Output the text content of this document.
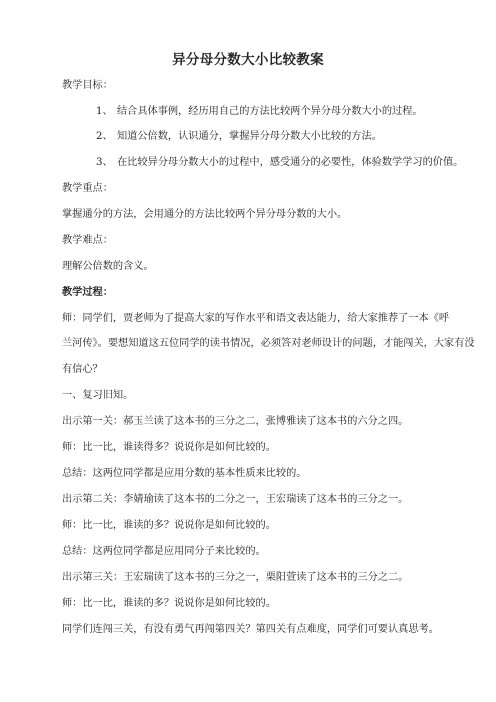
异分母分数大小比较教案
教学目标：
1、 结合具体事例，经历用自己的方法比较两个异分母分数大小的过程。
2、 知道公倍数，认识通分，掌握异分母分数大小比较的方法。
3、 在比较异分母分数大小的过程中，感受通分的必要性，体验数学学习的价值。
教学重点：
掌握通分的方法，会用通分的方法比较两个异分母分数的大小。
教学难点：
理解公倍数的含义。
教学过程：
师：同学们，贾老师为了提高大家的写作水平和语文表达能力，给大家推荐了一本《呼
兰河传》。要想知道这五位同学的读书情况，必须答对老师设计的问题，才能闯关，大家有没
有信心？
一、复习旧知。
出示第一关：郝玉兰读了这本书的三分之二，张博雅读了这本书的六分之四。
师：比一比，谁读得多？说说你是如何比较的。
总结：这两位同学都是应用分数的基本性质来比较的。
出示第二关：李婧瑜读了这本书的二分之一，王宏瑞读了这本书的三分之一。
师：比一比，谁读的多？说说你是如何比较的。
总结：这两位同学都是应用同分子来比较的。
出示第三关：王宏瑞读了这本书的三分之一，栗阳萱读了这本书的三分之二。
师：比一比，谁读的多？说说你是如何比较的。
同学们连闯三关，有没有勇气再闯第四关？第四关有点难度，同学们可要认真思考。
